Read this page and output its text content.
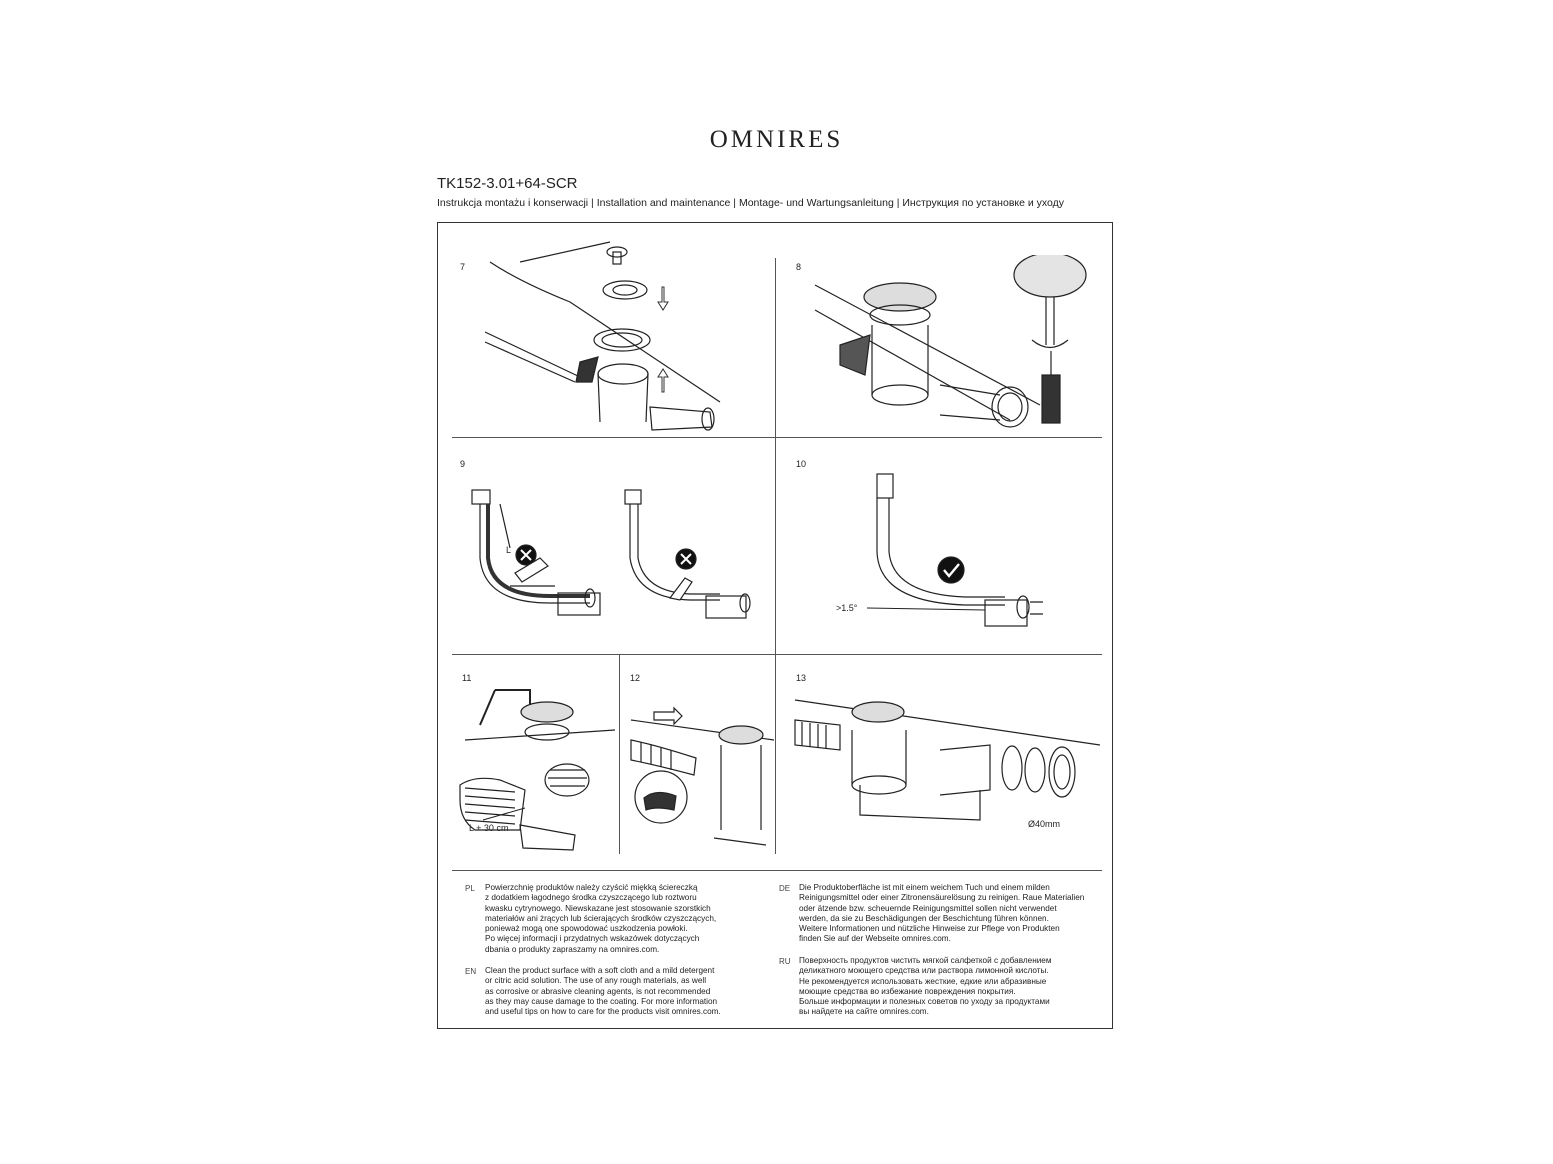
OMNIRES
TK152-3.01+64-SCR
Instrukcja montażu i konserwacji | Installation and maintenance | Montage- und Wartungsanleitung | Инструкция по установке и уходу
7	8
9	10
11	12	13
L
>1.5°
L + 30 cm	Ø40mm
PL Powierzchnię produktów należy czyścić miękką ściereczką
z dodatkiem łagodnego środka czyszczącego lub roztworu
kwasku cytrynowego. Niewskazane jest stosowanie szorstkich
materiałów ani żrących lub ścierających środków czyszczących,
ponieważ mogą one spowodować uszkodzenia powłoki.
Po więcej informacji i przydatnych wskazówek dotyczących
dbania o produkty zapraszamy na omnires.com.
EN Clean the product surface with a soft cloth and a mild detergent
or citric acid solution. The use of any rough materials, as well
as corrosive or abrasive cleaning agents, is not recommended
as they may cause damage to the coating. For more information
and useful tips on how to care for the products visit omnires.com.
DE Die Produktoberfläche ist mit einem weichem Tuch und einem milden
Reinigungsmittel oder einer Zitronensäurelösung zu reinigen. Raue Materialien
oder ätzende bzw. scheuernde Reinigungsmittel sollen nicht verwendet
werden, da sie zu Beschädigungen der Beschichtung führen können.
Weitere Informationen und nützliche Hinweise zur Pflege von Produkten
finden Sie auf der Webseite omnires.com.
RU Поверхность продуктов чистить мягкой салфеткой с добавлением
деликатного моющего средства или раствора лимонной кислоты.
Не рекомендуется использовать жесткие, едкие или абразивные
моющие средства во избежание повреждения покрытия.
Больше информации и полезных советов по уходу за продуктами
вы найдете на сайте omnires.com.
